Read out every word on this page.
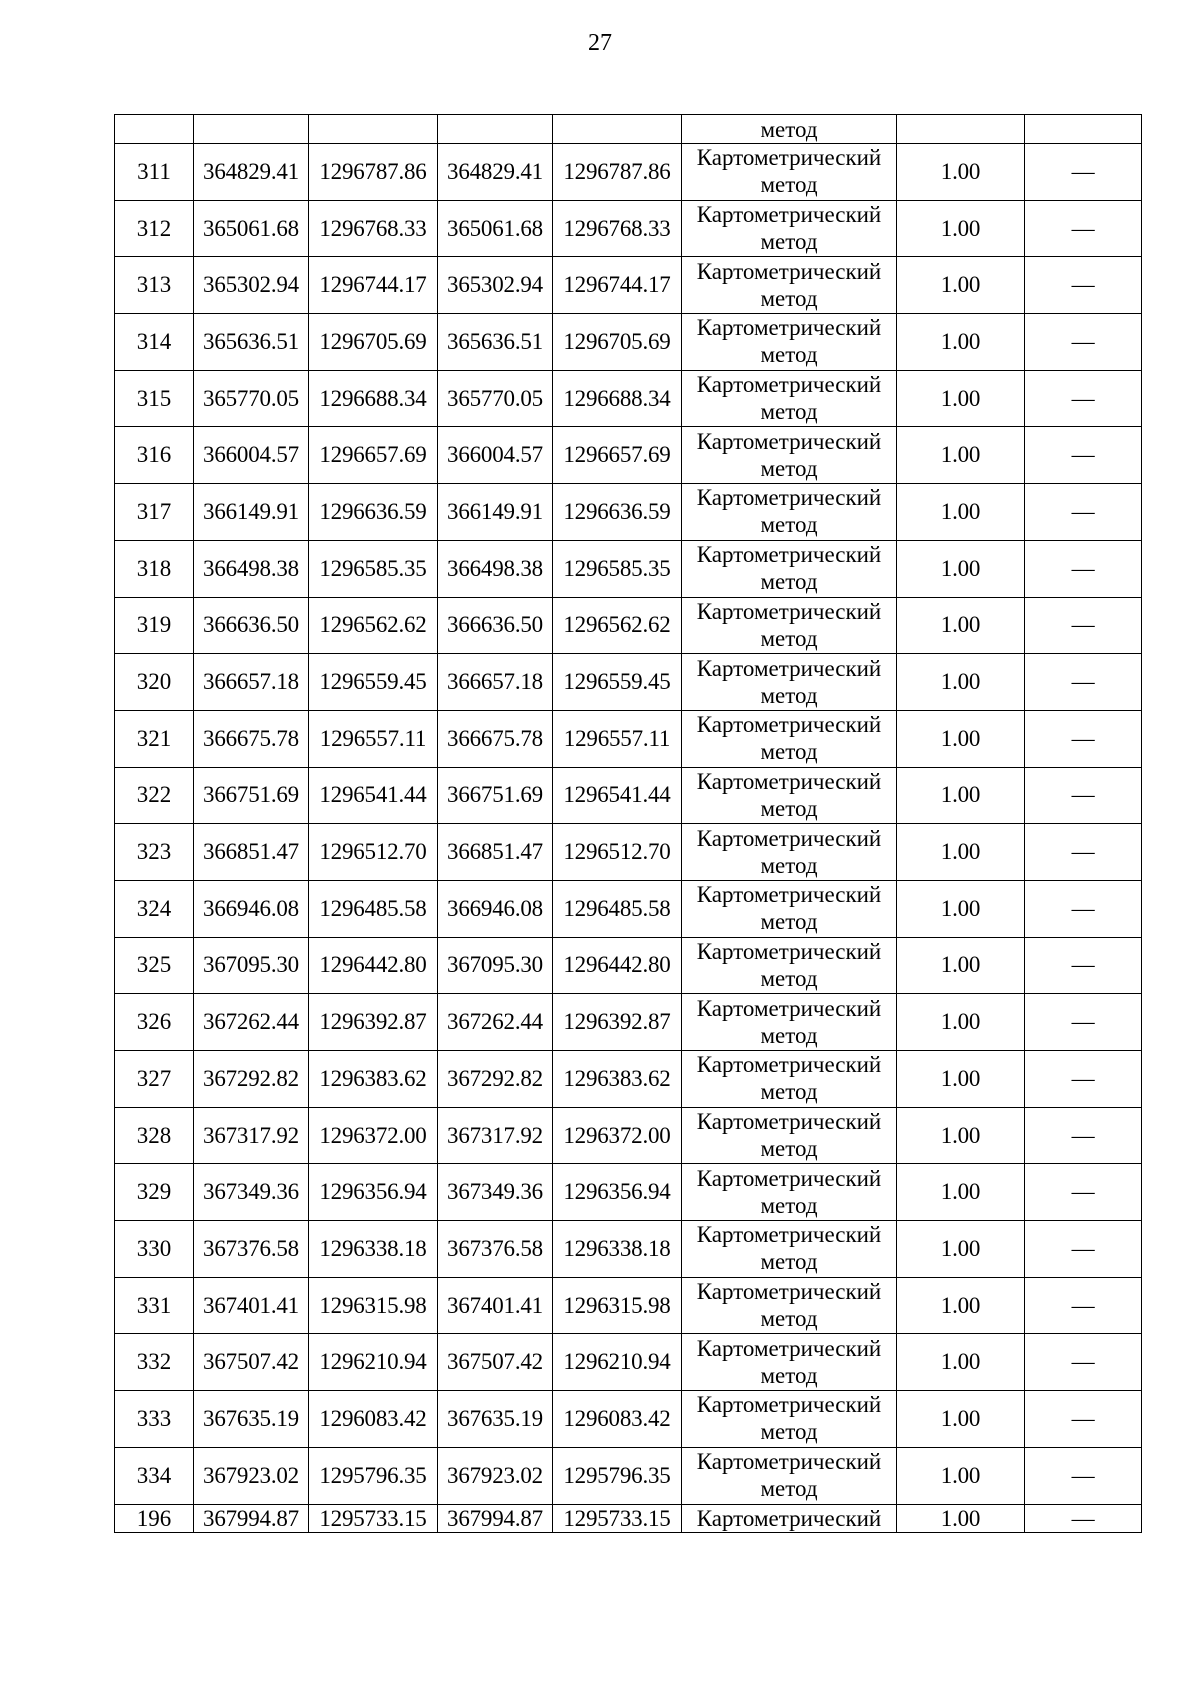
27
					метод		
311	364829.41	1296787.86	364829.41	1296787.86	Картометрический
метод	1.00	—
312	365061.68	1296768.33	365061.68	1296768.33	Картометрический
метод	1.00	—
313	365302.94	1296744.17	365302.94	1296744.17	Картометрический
метод	1.00	—
314	365636.51	1296705.69	365636.51	1296705.69	Картометрический
метод	1.00	—
315	365770.05	1296688.34	365770.05	1296688.34	Картометрический
метод	1.00	—
316	366004.57	1296657.69	366004.57	1296657.69	Картометрический
метод	1.00	—
317	366149.91	1296636.59	366149.91	1296636.59	Картометрический
метод	1.00	—
318	366498.38	1296585.35	366498.38	1296585.35	Картометрический
метод	1.00	—
319	366636.50	1296562.62	366636.50	1296562.62	Картометрический
метод	1.00	—
320	366657.18	1296559.45	366657.18	1296559.45	Картометрический
метод	1.00	—
321	366675.78	1296557.11	366675.78	1296557.11	Картометрический
метод	1.00	—
322	366751.69	1296541.44	366751.69	1296541.44	Картометрический
метод	1.00	—
323	366851.47	1296512.70	366851.47	1296512.70	Картометрический
метод	1.00	—
324	366946.08	1296485.58	366946.08	1296485.58	Картометрический
метод	1.00	—
325	367095.30	1296442.80	367095.30	1296442.80	Картометрический
метод	1.00	—
326	367262.44	1296392.87	367262.44	1296392.87	Картометрический
метод	1.00	—
327	367292.82	1296383.62	367292.82	1296383.62	Картометрический
метод	1.00	—
328	367317.92	1296372.00	367317.92	1296372.00	Картометрический
метод	1.00	—
329	367349.36	1296356.94	367349.36	1296356.94	Картометрический
метод	1.00	—
330	367376.58	1296338.18	367376.58	1296338.18	Картометрический
метод	1.00	—
331	367401.41	1296315.98	367401.41	1296315.98	Картометрический
метод	1.00	—
332	367507.42	1296210.94	367507.42	1296210.94	Картометрический
метод	1.00	—
333	367635.19	1296083.42	367635.19	1296083.42	Картометрический
метод	1.00	—
334	367923.02	1295796.35	367923.02	1295796.35	Картометрический
метод	1.00	—
196	367994.87	1295733.15	367994.87	1295733.15	Картометрический	1.00	—
